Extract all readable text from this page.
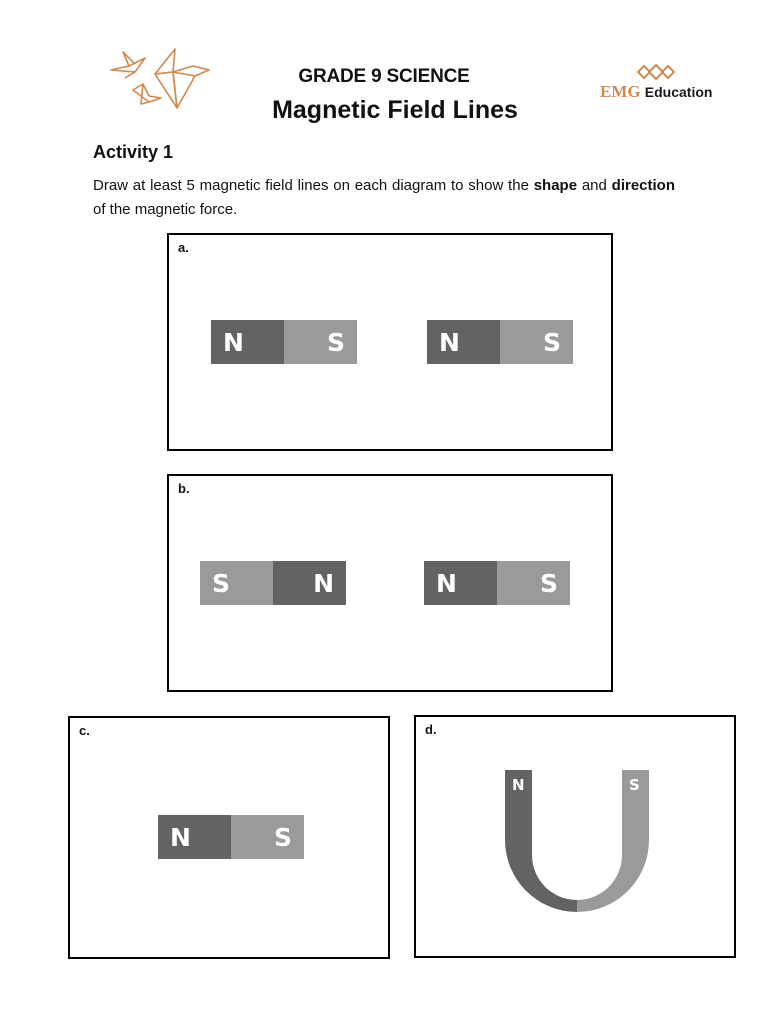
GRADE 9 SCIENCE
Magnetic Field Lines
EMG Education
Activity 1
Draw at least 5 magnetic field lines on each diagram to show the shape and direction of the magnetic force.
a.
N	S	N	S
b.
S	N	N	S
c.
N	S
d.
N	S
